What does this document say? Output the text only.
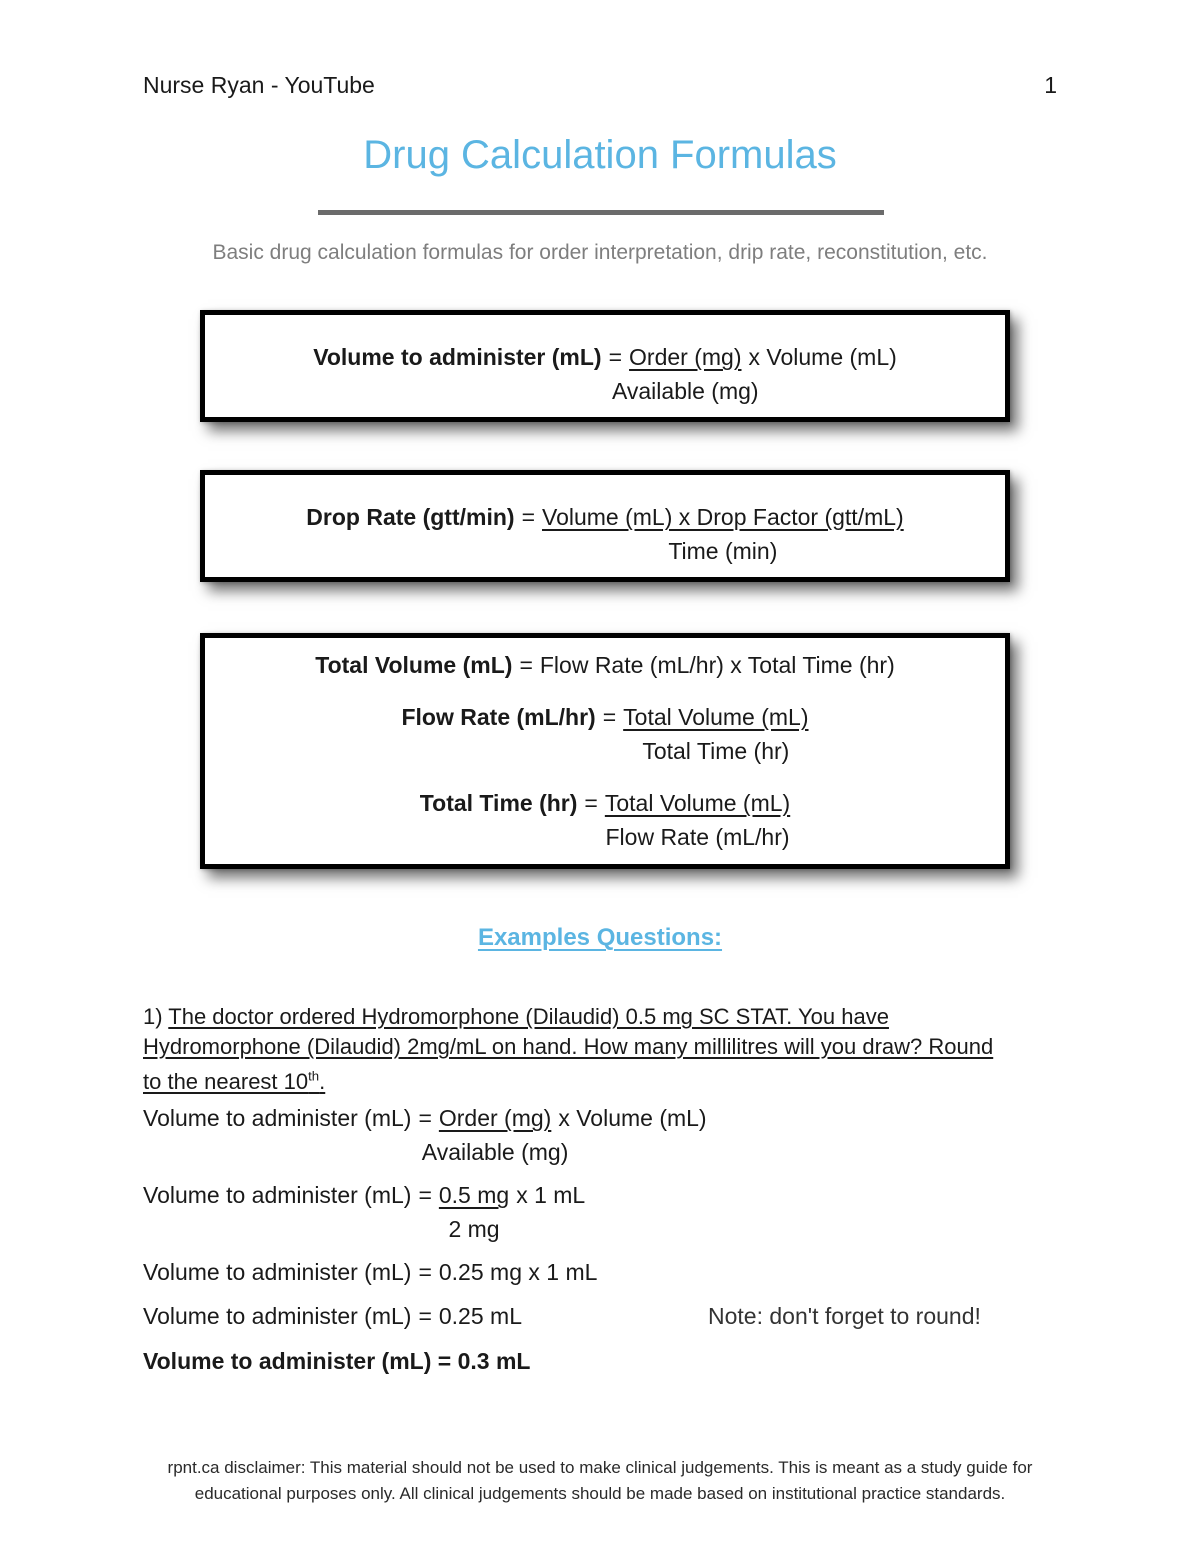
Nurse Ryan - YouTube	1
Drug Calculation Formulas
Basic drug calculation formulas for order interpretation, drip rate, reconstitution, etc.
Volume to administer $(mL) = \frac{\text{Order (mg)}}{\text{Available (mg)}}$ x Volume (mL)
Drop Rate $(gtt/\min) = \frac{\text{Volume (mL) x Drop Factor (gtt/mL)}}{\text{Time (min)}}$
Total Volume (mL) = Flow Rate (mL/hr) x Total Time (hr)
Flow Rate $(mL/hr) = \frac{\text{Total Volume (mL)}}{\text{Total Time (hr)}}$
Total Time $(hr) = \frac{\text{Total Volume (mL)}}{\text{Flow Rate (mL/hr)}}$
Examples Questions:
1) The doctor ordered Hydromorphone (Dilaudid) 0.5 mg SC STAT. You have
Hydromorphone (Dilaudid) 2mg/mL on hand. How many millilitres will you draw? Round
to the nearest 10th.
Volume to administer $(mL) = \frac{\text{Order (mg)}}{\text{Available (mg)}}$ x Volume (mL)
Volume to administer $(mL) = \frac{0.5 mg}{2 mg}$ x 1 mL
Volume to administer (mL) = 0.25 mg x 1 mL
Volume to administer (mL) = 0.25 mL	Note: don't forget to round!
Volume to administer (mL) = 0.3 mL
rpnt.ca disclaimer: This material should not be used to make clinical judgements. This is meant as a study guide for
educational purposes only. All clinical judgements should be made based on institutional practice standards.
